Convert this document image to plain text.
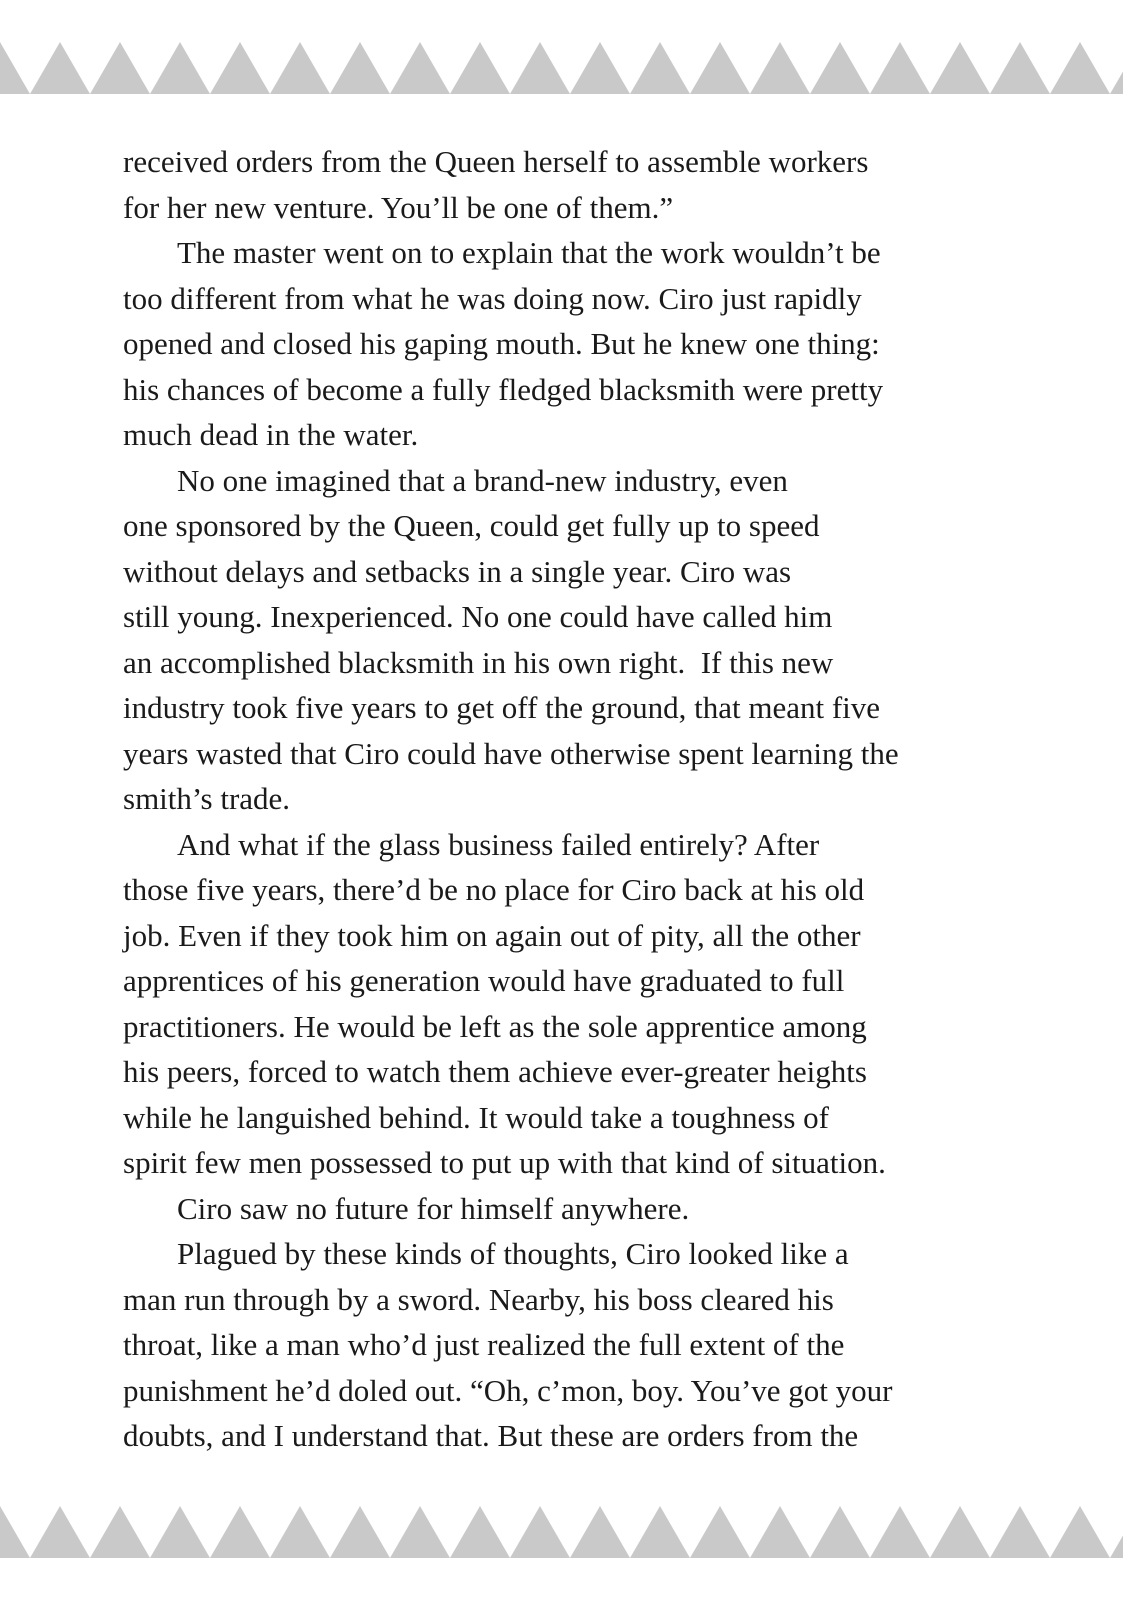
received orders from the Queen herself to assemble workers
for her new venture. You’ll be one of them.”
The master went on to explain that the work wouldn’t be
too different from what he was doing now. Ciro just rapidly
opened and closed his gaping mouth. But he knew one thing:
his chances of become a fully fledged blacksmith were pretty
much dead in the water.
No one imagined that a brand-new industry, even
one sponsored by the Queen, could get fully up to speed
without delays and setbacks in a single year. Ciro was
still young. Inexperienced. No one could have called him
an accomplished blacksmith in his own right.  If this new
industry took five years to get off the ground, that meant five
years wasted that Ciro could have otherwise spent learning the
smith’s trade.
And what if the glass business failed entirely? After
those five years, there’d be no place for Ciro back at his old
job. Even if they took him on again out of pity, all the other
apprentices of his generation would have graduated to full
practitioners. He would be left as the sole apprentice among
his peers, forced to watch them achieve ever-greater heights
while he languished behind. It would take a toughness of
spirit few men possessed to put up with that kind of situation.
Ciro saw no future for himself anywhere.
Plagued by these kinds of thoughts, Ciro looked like a
man run through by a sword. Nearby, his boss cleared his
throat, like a man who’d just realized the full extent of the
punishment he’d doled out. “Oh, c’mon, boy. You’ve got your
doubts, and I understand that. But these are orders from the
